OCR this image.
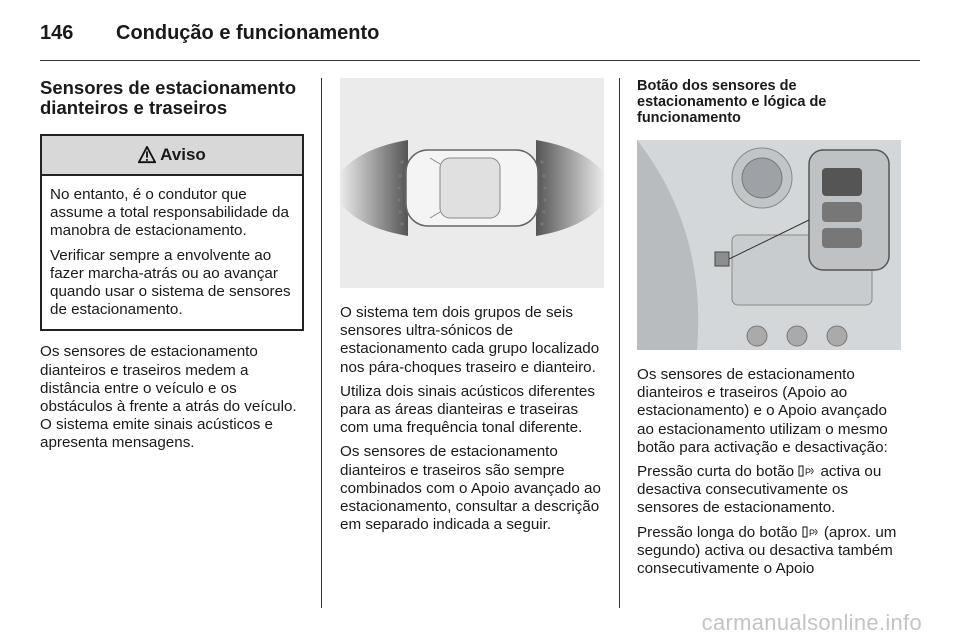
146 Condução e funcionamento
Sensores de estacionamento dianteiros e traseiros
Aviso

No entanto, é o condutor que assume a total responsabilidade da manobra de estacionamento.

Verificar sempre a envolvente ao fazer marcha-atrás ou ao avançar quando usar o sistema de sensores de estacionamento.

Os sensores de estacionamento dianteiros e traseiros medem a distância entre o veículo e os obstáculos à frente a atrás do veículo. O sistema emite sinais acústicos e apresenta mensagens.

O sistema tem dois grupos de seis sensores ultra-sónicos de estacionamento cada grupo localizado nos pára-choques traseiro e dianteiro.

Utiliza dois sinais acústicos diferentes para as áreas dianteiras e traseiras com uma frequência tonal diferente.

Os sensores de estacionamento dianteiros e traseiros são sempre combinados com o Apoio avançado ao estacionamento, consultar a descrição em separado indicada a seguir.

Botão dos sensores de estacionamento e lógica de funcionamento

Os sensores de estacionamento dianteiros e traseiros (Apoio ao estacionamento) e o Apoio avançado ao estacionamento utilizam o mesmo botão para activação e desactivação:

Pressão curta do botão P activa ou desactiva consecutivamente os sensores de estacionamento.

Pressão longa do botão P (aprox. um segundo) activa ou desactiva também consecutivamente o Apoio

carmanualsonline.info
